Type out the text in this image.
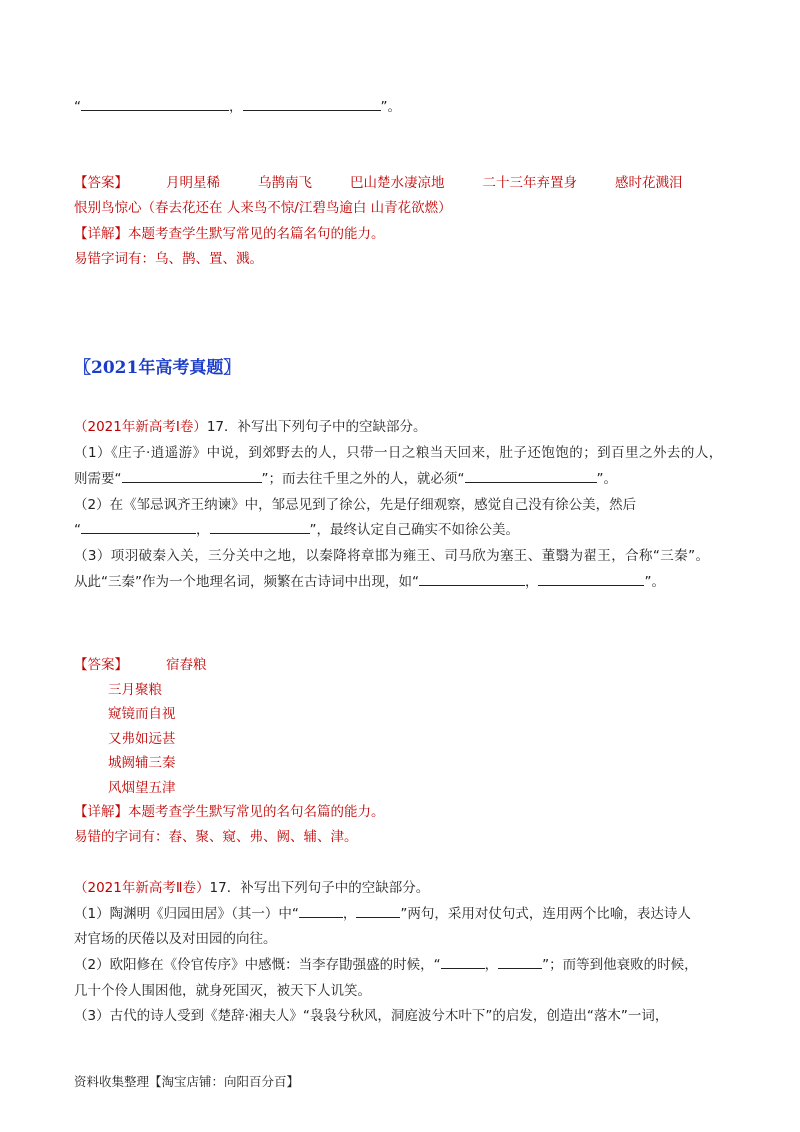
“	，	”。
【答案】	月明星稀	乌鹊南飞	巴山楚水凄凉地	二十三年弃置身	感时花溅泪
恨别鸟惊心（春去花还在 人来鸟不惊/江碧鸟逾白 山青花欲燃）
【详解】本题考查学生默写常见的名篇名句的能力。
易错字词有：乌、鹊、置、溅。
〖2021年高考真题〗
（2021年新高考Ⅰ卷）17．补写出下列句子中的空缺部分。
（1）《庄子·逍遥游》中说，到郊野去的人，只带一日之粮当天回来，肚子还饱饱的；到百里之外去的人，
则需要“	”；而去往千里之外的人，就必须“	”。
（2）在《邹忌讽齐王纳谏》中，邹忌见到了徐公，先是仔细观察，感觉自己没有徐公美，然后
“	，	”，最终认定自己确实不如徐公美。
（3）项羽破秦入关，三分关中之地，以秦降将章邯为雍王、司马欣为塞王、董翳为翟王，合称“三秦”。
从此“三秦”作为一个地理名词，频繁在古诗词中出现，如“	，	”。
【答案】	宿舂粮
三月聚粮
窥镜而自视
又弗如远甚
城阙辅三秦
风烟望五津
【详解】本题考查学生默写常见的名句名篇的能力。
易错的字词有：舂、聚、窥、弗、阙、辅、津。
（2021年新高考Ⅱ卷）17．补写出下列句子中的空缺部分。
（1）陶渊明《归园田居》（其一）中“	，	”两句，采用对仗句式，连用两个比喻，表达诗人
对官场的厌倦以及对田园的向往。
（2）欧阳修在《伶官传序》中感慨：当李存勖强盛的时候，“	，	”；而等到他衰败的时候，
几十个伶人围困他，就身死国灭，被天下人讥笑。
（3）古代的诗人受到《楚辞·湘夫人》“袅袅兮秋风，洞庭波兮木叶下”的启发，创造出“落木”一词，
资料收集整理【淘宝店铺：向阳百分百】
